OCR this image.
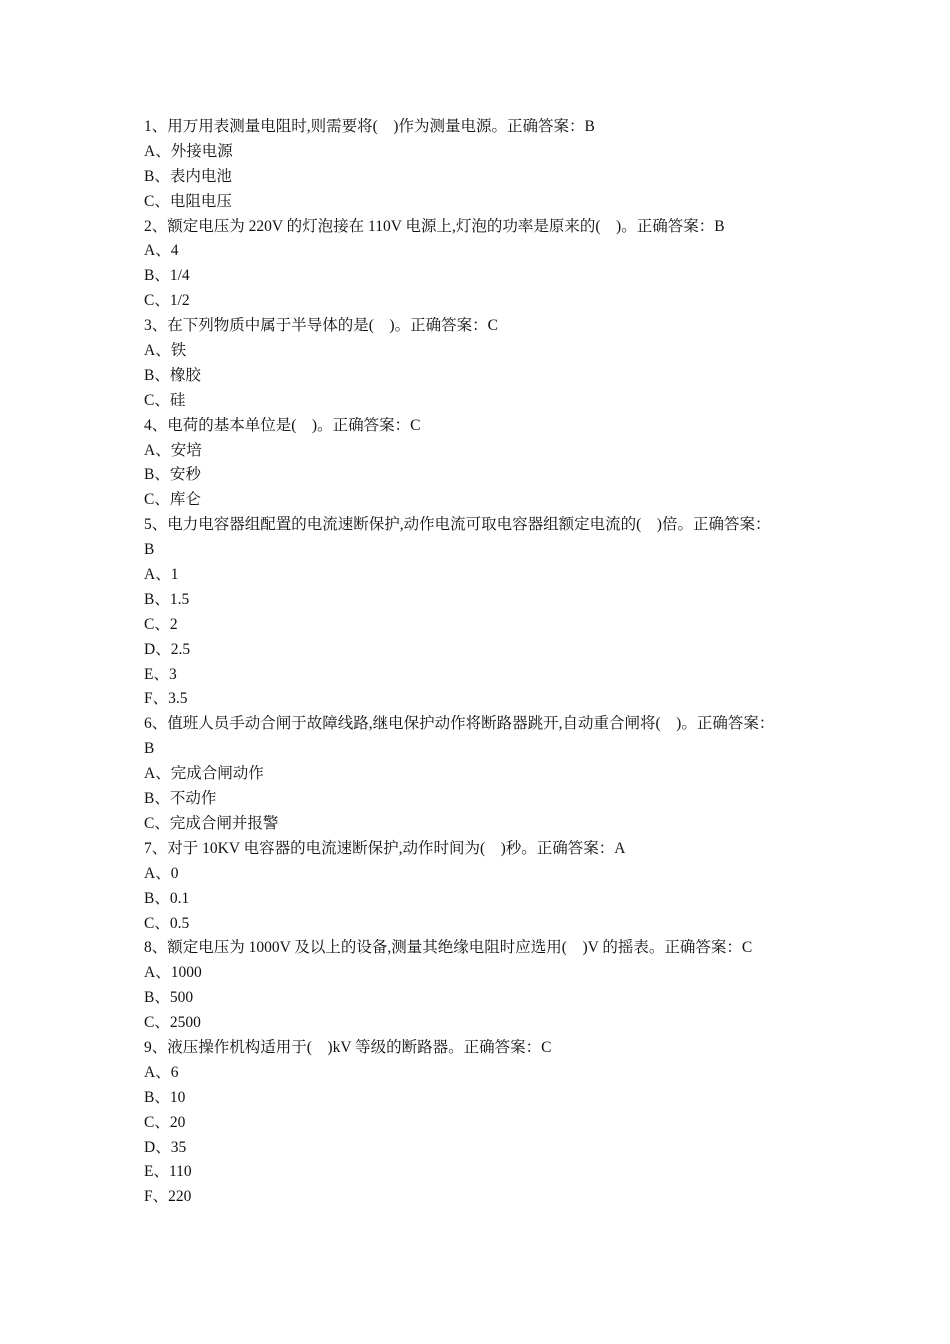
1、用万用表测量电阻时,则需要将(    )作为测量电源。正确答案：B
A、外接电源
B、表内电池
C、电阻电压
2、额定电压为 220V 的灯泡接在 110V 电源上,灯泡的功率是原来的(    )。正确答案：B
A、4
B、1/4
C、1/2
3、在下列物质中属于半导体的是(    )。正确答案：C
A、铁
B、橡胶
C、硅
4、电荷的基本单位是(    )。正确答案：C
A、安培
B、安秒
C、库仑
5、电力电容器组配置的电流速断保护,动作电流可取电容器组额定电流的(    )倍。正确答案：
B
A、1
B、1.5
C、2
D、2.5
E、3
F、3.5
6、值班人员手动合闸于故障线路,继电保护动作将断路器跳开,自动重合闸将(    )。正确答案：
B
A、完成合闸动作
B、不动作
C、完成合闸并报警
7、对于 10KV 电容器的电流速断保护,动作时间为(    )秒。正确答案：A
A、0
B、0.1
C、0.5
8、额定电压为 1000V 及以上的设备,测量其绝缘电阻时应选用(    )V 的摇表。正确答案：C
A、1000
B、500
C、2500
9、液压操作机构适用于(    )kV 等级的断路器。正确答案：C
A、6
B、10
C、20
D、35
E、110
F、220
